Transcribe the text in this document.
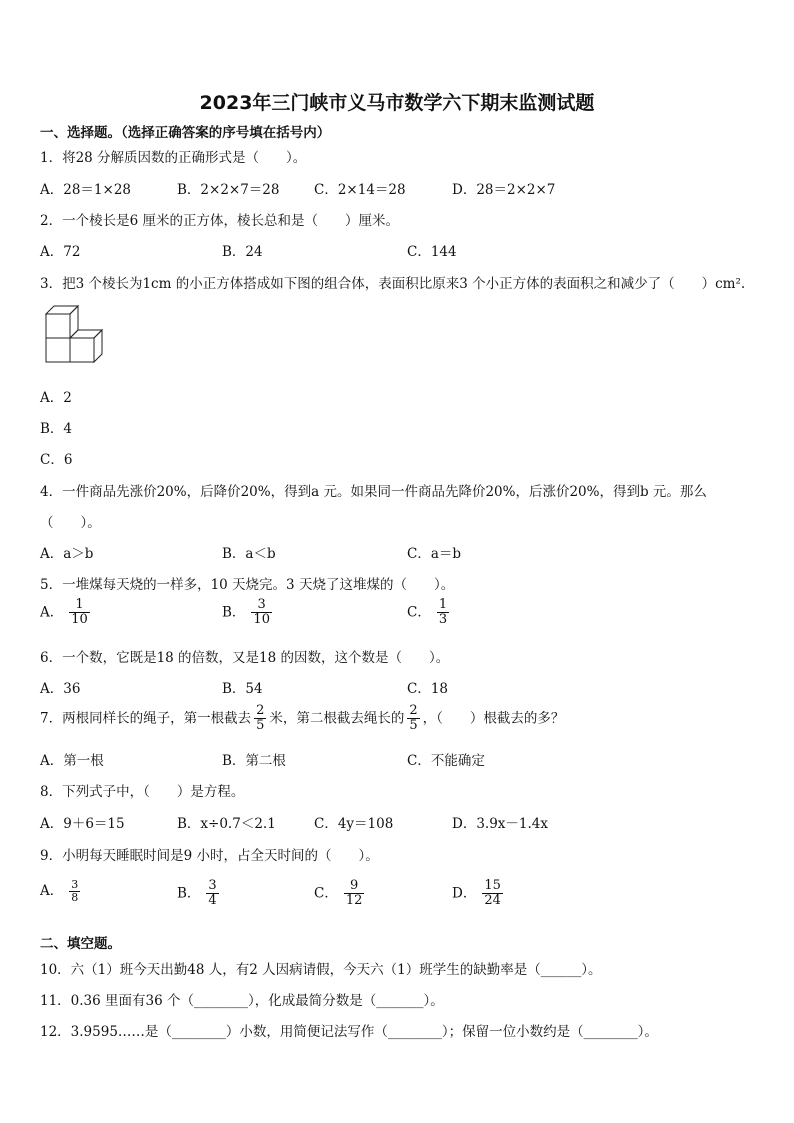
2023年三门峡市义马市数学六下期末监测试题
一、选择题。（选择正确答案的序号填在括号内）
1．将28 分解质因数的正确形式是（　　）。
A．28＝1×28	B．2×2×7＝28	C．2×14＝28	D．28＝2×2×7
2．一个棱长是6 厘米的正方体，棱长总和是（　　）厘米。
A．72	B．24	C．144
3．把3 个棱长为1cm 的小正方体搭成如下图的组合体，表面积比原来3 个小正方体的表面积之和减少了（　　）cm².
A．2
B．4
C．6
4．一件商品先涨价20%，后降价20%，得到a 元。如果同一件商品先降价20%，后涨价20%，得到b 元。那么
（　　）。
A．a＞b	B．a＜b	C．a＝b
5．一堆煤每天烧的一样多，10 天烧完。3 天烧了这堆煤的（　　）。
A． $\frac{1}{10}$	B． $\frac{3}{10}$	C． $\frac{1}{3}$
6．一个数，它既是18 的倍数，又是18 的因数，这个数是（　　）。
A．36	B．54	C．18
7．两根同样长的绳子，第一根截去 $\frac{2}{5}$ 米，第二根截去绳长的 $\frac{2}{5}$ ，（　　）根截去的多？
A．第一根	B．第二根	C．不能确定
8．下列式子中，（　　）是方程。
A．9＋6＝15	B．x÷0.7＜2.1	C．4y＝108	D．3.9x－1.4x
9．小明每天睡眠时间是9 小时，占全天时间的（　　）。
A． $\frac{3}{8}$	B． $\frac{3}{4}$	C． $\frac{9}{12}$	D． $\frac{15}{24}$
二、填空题。
10．六（1）班今天出勤48 人，有2 人因病请假，今天六（1）班学生的缺勤率是（______）。
11．0.36 里面有36 个（________），化成最简分数是（_______）。
12．3.9595……是（________）小数，用简便记法写作（________）；保留一位小数约是（________）。
